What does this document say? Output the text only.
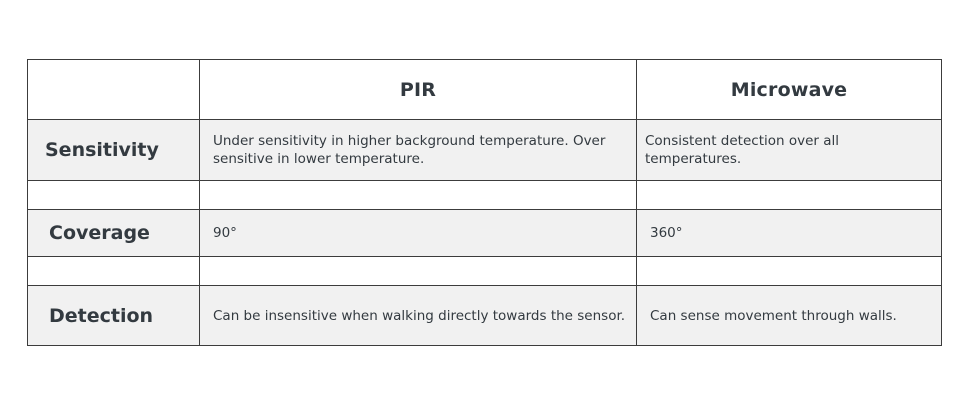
	PIR	Microwave
Sensitivity	Under sensitivity in higher background temperature. Over sensitive in lower temperature.	Consistent detection over all temperatures.

Coverage	90°	360°

Detection	Can be insensitive when walking directly towards the sensor.	Can sense movement through walls.
